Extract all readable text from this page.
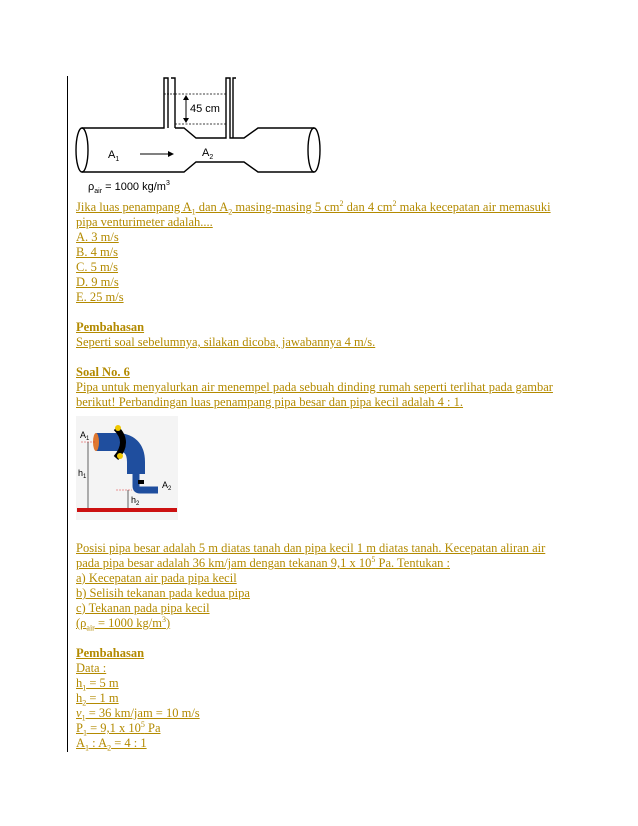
45 cm
$A_1$
$A_2$
$\rho_{air} = 1000$ $kg/m^3$
Jika luas penampang $A_1$ dan $A_2$ masing-masing 5 $cm^2$ dan 4 $cm^2$ maka kecepatan air memasuki
pipa venturimeter adalah....
A. 3 m/s
B. 4 m/s
C. 5 m/s
D. 9 m/s
E. 25 m/s
Pembahasan
Seperti soal sebelumnya, silakan dicoba, jawabannya 4 m/s.
Soal No. 6
Pipa untuk menyalurkan air menempel pada sebuah dinding rumah seperti terlihat pada gambar
berikut! Perbandingan luas penampang pipa besar dan pipa kecil adalah 4 : 1.
$A_1$
$A_2$
$h_1$
$h_2$
Posisi pipa besar adalah 5 m diatas tanah dan pipa kecil 1 m diatas tanah. Kecepatan aliran air
pada pipa besar adalah 36 km/jam dengan tekanan 9,1 x $10^5$ Pa. Tentukan :
a) Kecepatan air pada pipa kecil
b) Selisih tekanan pada kedua pipa
c) Tekanan pada pipa kecil
($\rho_{air} = 1000$ $kg/m^3$)
Pembahasan
Data :
$h_1 = 5$ m
$h_2 = 1$ m
$\nu_1 = 36$ km/jam = 10 m/s
$P_1 = 9,1$ x $10^5$ Pa
$A_1$ : $A_2 = 4$ : 1
